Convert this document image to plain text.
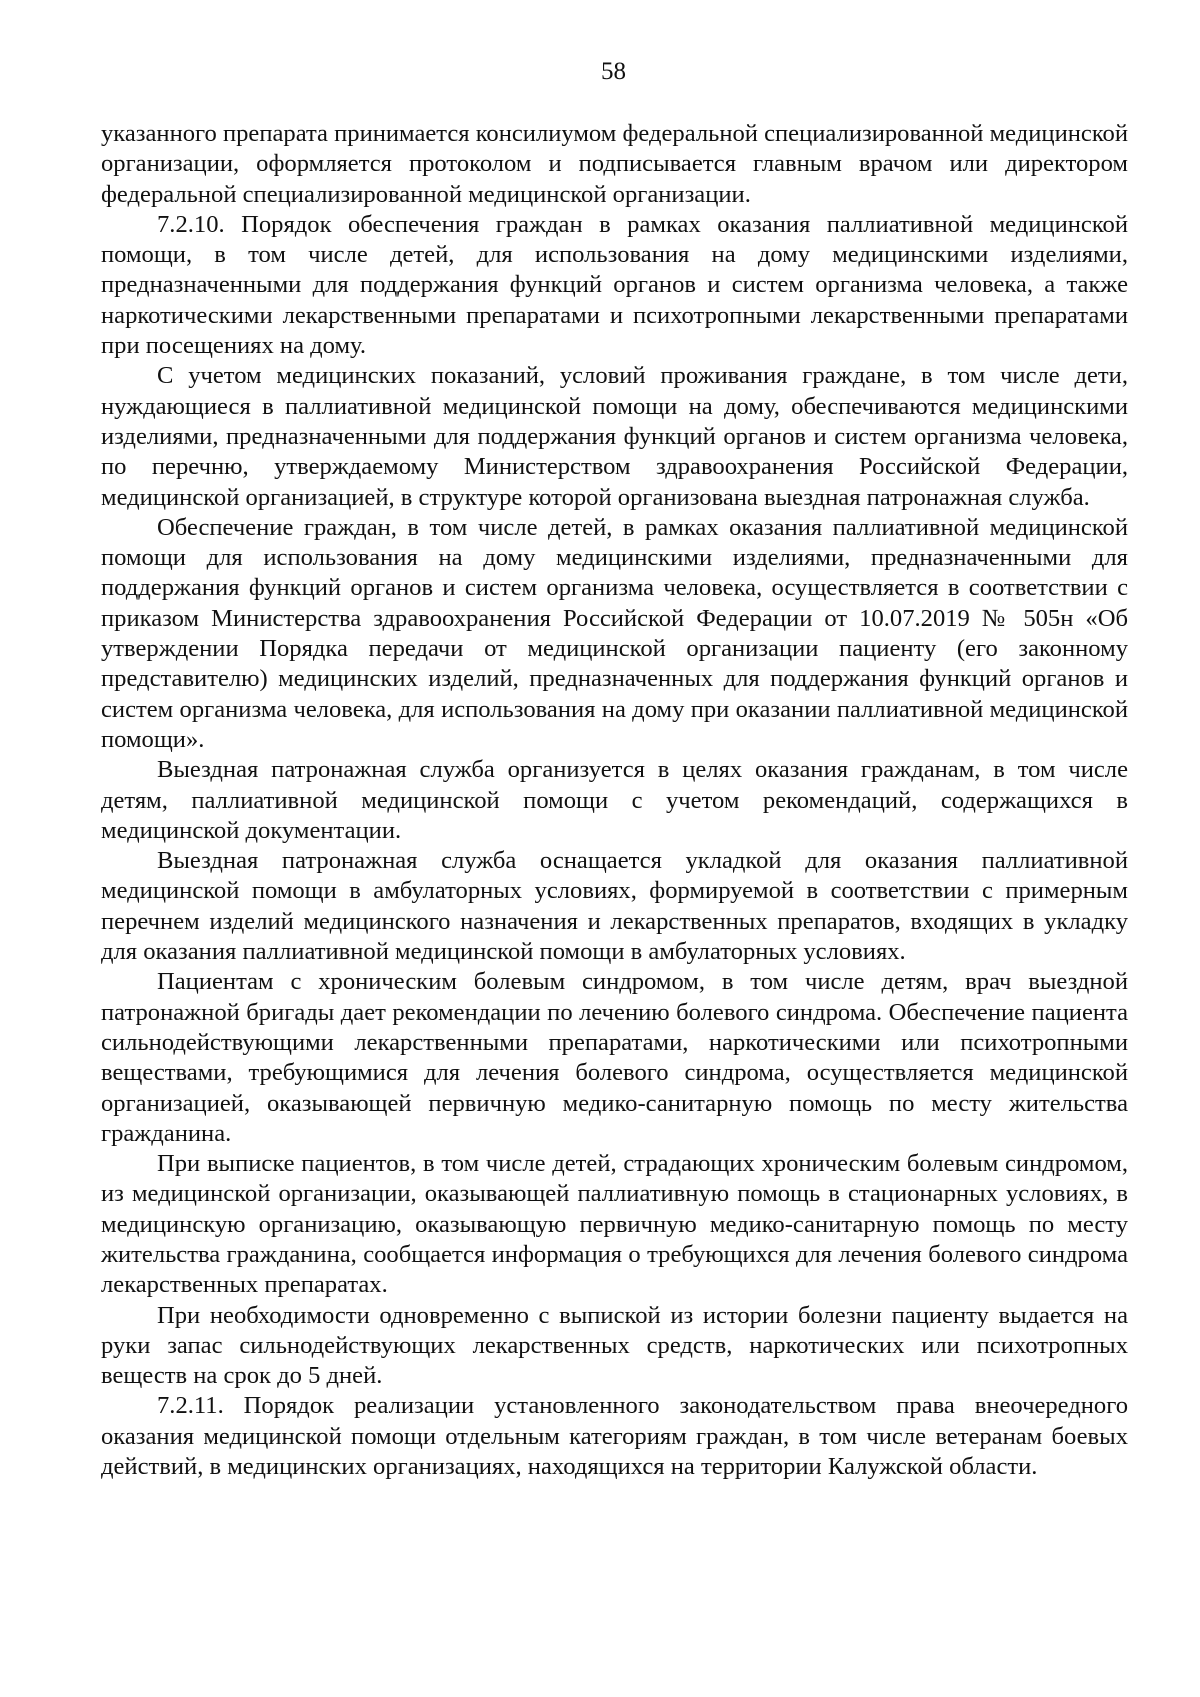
58

указанного препарата принимается консилиумом федеральной специализированной медицинской организации, оформляется протоколом и подписывается главным врачом или директором федеральной специализированной медицинской организации.

7.2.10. Порядок обеспечения граждан в рамках оказания паллиативной медицинской помощи, в том числе детей, для использования на дому медицинскими изделиями, предназначенными для поддержания функций органов и систем организма человека, а также наркотическими лекарственными препаратами и психотропными лекарственными препаратами при посещениях на дому.

С учетом медицинских показаний, условий проживания граждане, в том числе дети, нуждающиеся в паллиативной медицинской помощи на дому, обеспечиваются медицинскими изделиями, предназначенными для поддержания функций органов и систем организма человека, по перечню, утверждаемому Министерством здравоохранения Российской Федерации, медицинской организацией, в структуре которой организована выездная патронажная служба.

Обеспечение граждан, в том числе детей, в рамках оказания паллиативной медицинской помощи для использования на дому медицинскими изделиями, предназначенными для поддержания функций органов и систем организма человека, осуществляется в соответствии с приказом Министерства здравоохранения Российской Федерации от 10.07.2019 № 505н «Об утверждении Порядка передачи от медицинской организации пациенту (его законному представителю) медицинских изделий, предназначенных для поддержания функций органов и систем организма человека, для использования на дому при оказании паллиативной медицинской помощи».

Выездная патронажная служба организуется в целях оказания гражданам, в том числе детям, паллиативной медицинской помощи с учетом рекомендаций, содержащихся в медицинской документации.

Выездная патронажная служба оснащается укладкой для оказания паллиативной медицинской помощи в амбулаторных условиях, формируемой в соответствии с примерным перечнем изделий медицинского назначения и лекарственных препаратов, входящих в укладку для оказания паллиативной медицинской помощи в амбулаторных условиях.

Пациентам с хроническим болевым синдромом, в том числе детям, врач выездной патронажной бригады дает рекомендации по лечению болевого синдрома. Обеспечение пациента сильнодействующими лекарственными препаратами, наркотическими или психотропными веществами, требующимися для лечения болевого синдрома, осуществляется медицинской организацией, оказывающей первичную медико-санитарную помощь по месту жительства гражданина.

При выписке пациентов, в том числе детей, страдающих хроническим болевым синдромом, из медицинской организации, оказывающей паллиативную помощь в стационарных условиях, в медицинскую организацию, оказывающую первичную медико-санитарную помощь по месту жительства гражданина, сообщается информация о требующихся для лечения болевого синдрома лекарственных препаратах.

При необходимости одновременно с выпиской из истории болезни пациенту выдается на руки запас сильнодействующих лекарственных средств, наркотических или психотропных веществ на срок до 5 дней.

7.2.11. Порядок реализации установленного законодательством права внеочередного оказания медицинской помощи отдельным категориям граждан, в том числе ветеранам боевых действий, в медицинских организациях, находящихся на территории Калужской области.
